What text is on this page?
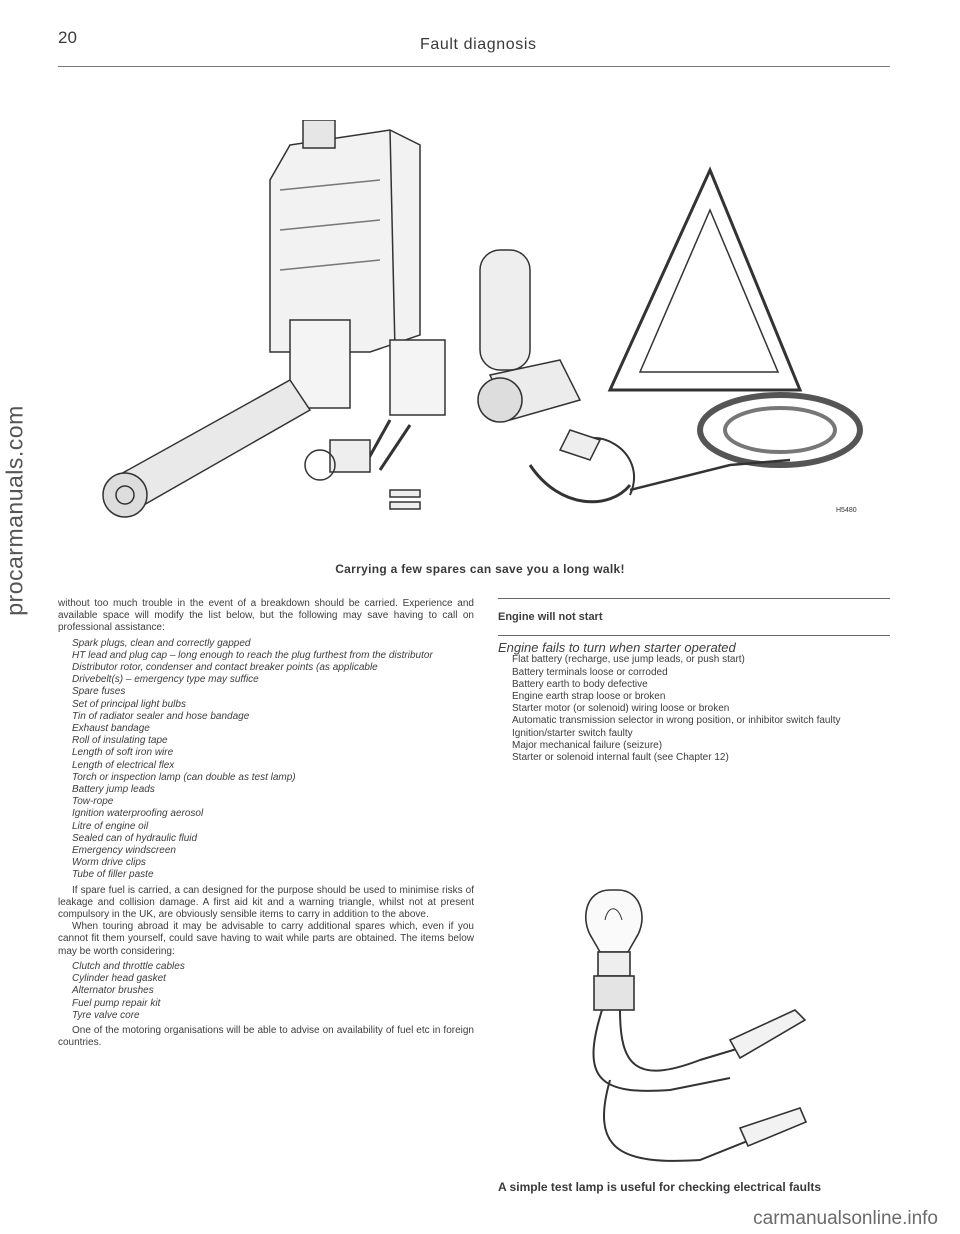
procarmanuals.com
20	Fault diagnosis
H5480
Carrying a few spares can save you a long walk!

without too much trouble in the event of a breakdown should be carried. Experience and available space will modify the list below, but the following may save having to call on professional assistance:

Spark plugs, clean and correctly gapped
HT lead and plug cap – long enough to reach the plug furthest from the distributor
Distributor rotor, condenser and contact breaker points (as applicable
Drivebelt(s) – emergency type may suffice
Spare fuses
Set of principal light bulbs
Tin of radiator sealer and hose bandage
Exhaust bandage
Roll of insulating tape
Length of soft iron wire
Length of electrical flex
Torch or inspection lamp (can double as test lamp)
Battery jump leads
Tow-rope
Ignition waterproofing aerosol
Litre of engine oil
Sealed can of hydraulic fluid
Emergency windscreen
Worm drive clips
Tube of filler paste

If spare fuel is carried, a can designed for the purpose should be used to minimise risks of leakage and collision damage. A first aid kit and a warning triangle, whilst not at present compulsory in the UK, are obviously sensible items to carry in addition to the above.

When touring abroad it may be advisable to carry additional spares which, even if you cannot fit them yourself, could save having to wait while parts are obtained. The items below may be worth considering:

Clutch and throttle cables
Cylinder head gasket
Alternator brushes
Fuel pump repair kit
Tyre valve core

One of the motoring organisations will be able to advise on availability of fuel etc in foreign countries.

Engine will not start
Engine fails to turn when starter operated
Flat battery (recharge, use jump leads, or push start)
Battery terminals loose or corroded
Battery earth to body defective
Engine earth strap loose or broken
Starter motor (or solenoid) wiring loose or broken
Automatic transmission selector in wrong position, or inhibitor switch faulty
Ignition/starter switch faulty
Major mechanical failure (seizure)
Starter or solenoid internal fault (see Chapter 12)
A simple test lamp is useful for checking electrical faults
carmanualsonline.info
